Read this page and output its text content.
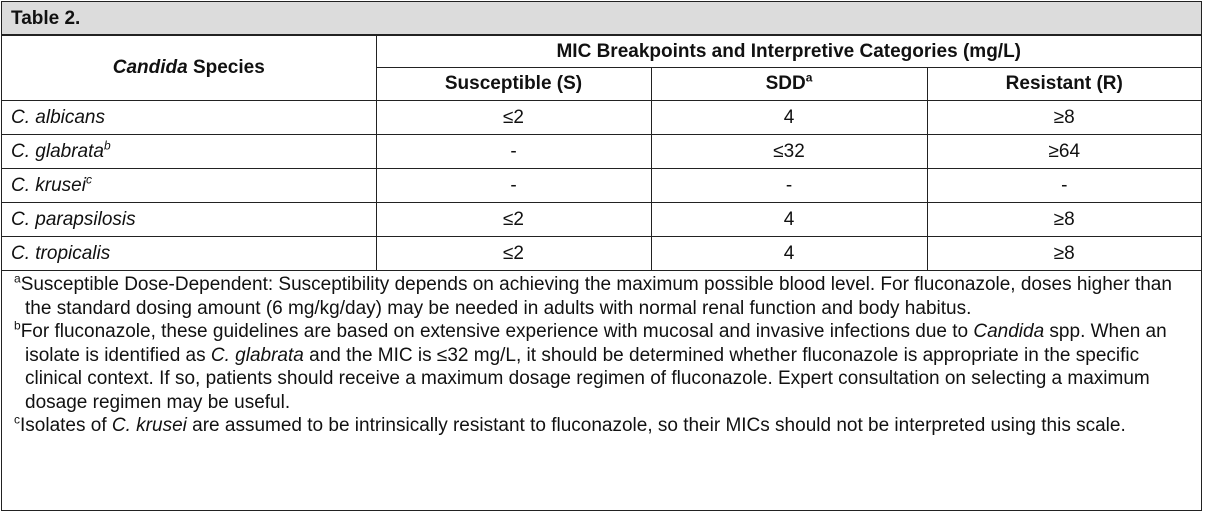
Table 2.
Candida Species	MIC Breakpoints and Interpretive Categories (mg/L)		
	Susceptible (S)	SDD$^a$	Resistant (R)
C. albicans	≤2	4	≥8
C. glabrata$^b$	-	≤32	≥64
C. krusei$^c$	-	-	-
C. parapsilosis	≤2	4	≥8
C. tropicalis	≤2	4	≥8

$^a$Susceptible Dose-Dependent: Susceptibility depends on achieving the maximum possible blood level. For fluconazole, doses higher than the standard dosing amount (6 mg/kg/day) may be needed in adults with normal renal function and body habitus.

$^b$For fluconazole, these guidelines are based on extensive experience with mucosal and invasive infections due to Candida spp. When an isolate is identified as C. glabrata and the MIC is ≤32 mg/L, it should be determined whether fluconazole is appropriate in the specific clinical context. If so, patients should receive a maximum dosage regimen of fluconazole. Expert consultation on selecting a maximum dosage regimen may be useful.

$^c$Isolates of C. krusei are assumed to be intrinsically resistant to fluconazole, so their MICs should not be interpreted using this scale.
